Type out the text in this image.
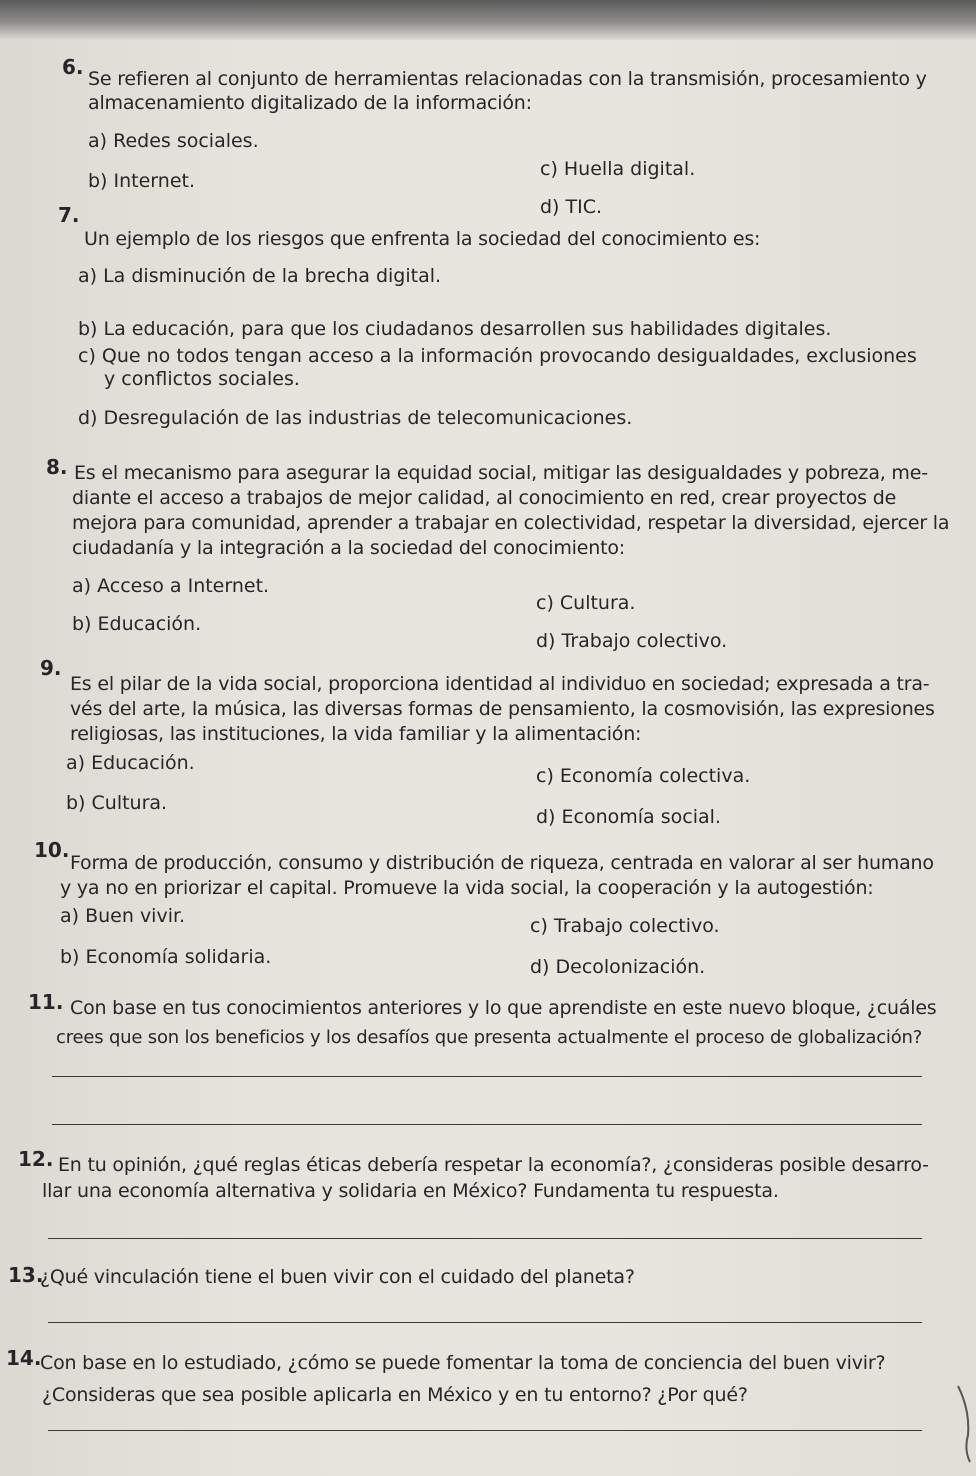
6. Se refieren al conjunto de herramientas relacionadas con la transmisión, procesamiento y
almacenamiento digitalizado de la información:
a) Redes sociales.
b) Internet.
c) Huella digital.
d) TIC.
7.
Un ejemplo de los riesgos que enfrenta la sociedad del conocimiento es:
a) La disminución de la brecha digital.
b) La educación, para que los ciudadanos desarrollen sus habilidades digitales.
c) Que no todos tengan acceso a la información provocando desigualdades, exclusiones
y conflictos sociales.
d) Desregulación de las industrias de telecomunicaciones.
8. Es el mecanismo para asegurar la equidad social, mitigar las desigualdades y pobreza, me-
diante el acceso a trabajos de mejor calidad, al conocimiento en red, crear proyectos de
mejora para comunidad, aprender a trabajar en colectividad, respetar la diversidad, ejercer la
ciudadanía y la integración a la sociedad del conocimiento:
a) Acceso a Internet.
b) Educación.
c) Cultura.
d) Trabajo colectivo.
9.
Es el pilar de la vida social, proporciona identidad al individuo en sociedad; expresada a tra-
vés del arte, la música, las diversas formas de pensamiento, la cosmovisión, las expresiones
religiosas, las instituciones, la vida familiar y la alimentación:
a) Educación.
b) Cultura.
c) Economía colectiva.
d) Economía social.
10.
Forma de producción, consumo y distribución de riqueza, centrada en valorar al ser humano
y ya no en priorizar el capital. Promueve la vida social, la cooperación y la autogestión:
a) Buen vivir.
b) Economía solidaria.
c) Trabajo colectivo.
d) Decolonización.
11. Con base en tus conocimientos anteriores y lo que aprendiste en este nuevo bloque, ¿cuáles
crees que son los beneficios y los desafíos que presenta actualmente el proceso de globalización?
12. En tu opinión, ¿qué reglas éticas debería respetar la economía?, ¿consideras posible desarro-
llar una economía alternativa y solidaria en México? Fundamenta tu respuesta.
13.
¿Qué vinculación tiene el buen vivir con el cuidado del planeta?
14.
Con base en lo estudiado, ¿cómo se puede fomentar la toma de conciencia del buen vivir?
¿Consideras que sea posible aplicarla en México y en tu entorno? ¿Por qué?
